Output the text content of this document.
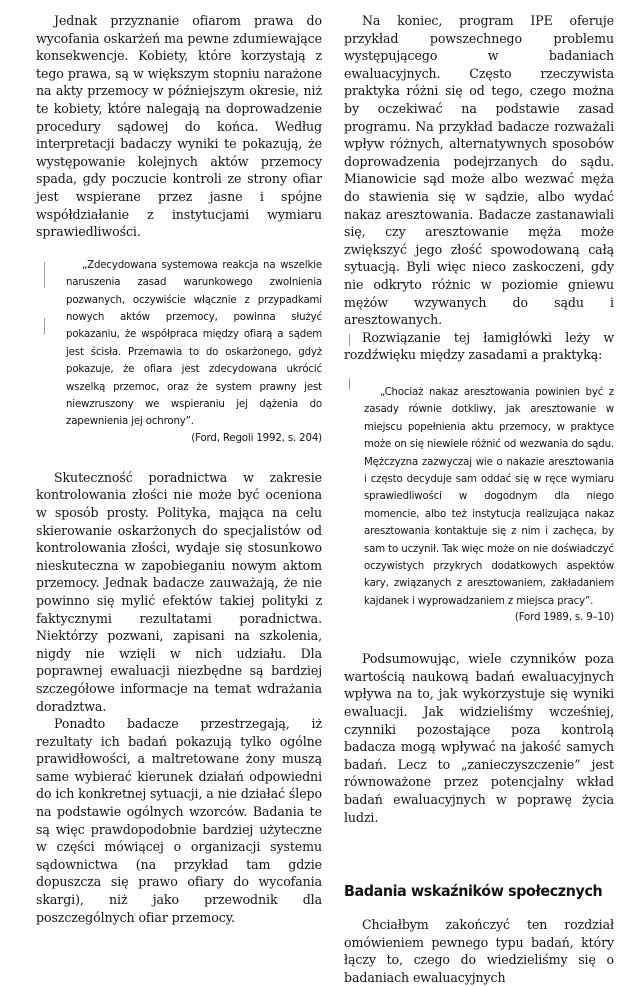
Jednak przyznanie ofiarom prawa do wycofania oskarżeń ma pewne zdumiewające konsekwencje. Kobiety, które korzystają z tego prawa, są w większym stopniu narażone na akty przemocy w późniejszym okresie, niż te kobiety, które nalegają na doprowadzenie procedury sądowej do końca. Według interpretacji badaczy wyniki te pokazują, że występowanie kolejnych aktów przemocy spada, gdy poczucie kontroli ze strony ofiar jest wspierane przez jasne i spójne współdziałanie z instytucjami wymiaru sprawiedliwości.

„Zdecydowana systemowa reakcja na wszelkie naruszenia zasad warunkowego zwolnienia pozwanych, oczywiście włącznie z przypadkami nowych aktów przemocy, powinna służyć pokazaniu, że współpraca między ofiarą a sądem jest ścisła. Przemawia to do oskarżonego, gdyż pokazuje, że ofiara jest zdecydowana ukrócić wszelką przemoc, oraz że system prawny jest niewzruszony we wspieraniu jej dążenia do zapewnienia jej ochrony”.

(Ford, Regoli 1992, s. 204)

Skuteczność poradnictwa w zakresie kontrolowania złości nie może być oceniona w sposób prosty. Polityka, mająca na celu skierowanie oskarżonych do specjalistów od kontrolowania złości, wydaje się stosunkowo nieskuteczna w zapobieganiu nowym aktom przemocy. Jednak badacze zauważają, że nie powinno się mylić efektów takiej polityki z faktycznymi rezultatami poradnictwa. Niektórzy pozwani, zapisani na szkolenia, nigdy nie wzięli w nich udziału. Dla poprawnej ewaluacji niezbędne są bardziej szczegółowe informacje na temat wdrażania doradztwa.

Ponadto badacze przestrzegają, iż rezultaty ich badań pokazują tylko ogólne prawidłowości, a maltretowane żony muszą same wybierać kierunek działań odpowiedni do ich konkretnej sytuacji, a nie działać ślepo na podstawie ogólnych wzorców. Badania te są więc prawdopodobnie bardziej użyteczne w części mówiącej o organizacji systemu sądownictwa (na przykład tam gdzie dopuszcza się prawo ofiary do wycofania skargi), niż jako przewodnik dla poszczególnych ofiar przemocy.

Na koniec, program IPE oferuje przykład powszechnego problemu występującego w badaniach ewaluacyjnych. Często rzeczywista praktyka różni się od tego, czego można by oczekiwać na podstawie zasad programu. Na przykład badacze rozważali wpływ różnych, alternatywnych sposobów doprowadzenia podejrzanych do sądu. Mianowicie sąd może albo wezwać męża do stawienia się w sądzie, albo wydać nakaz aresztowania. Badacze zastanawiali się, czy aresztowanie męża może zwiększyć jego złość spowodowaną całą sytuacją. Byli więc nieco zaskoczeni, gdy nie odkryto różnic w poziomie gniewu mężów wzywanych do sądu i aresztowanych.

Rozwiązanie tej łamigłówki leży w rozdźwięku między zasadami a praktyką:

„Chociaż nakaz aresztowania powinien być z zasady równie dotkliwy, jak aresztowanie w miejscu popełnienia aktu przemocy, w praktyce może on się niewiele różnić od wezwania do sądu. Mężczyzna zazwyczaj wie o nakazie aresztowania i często decyduje sam oddać się w ręce wymiaru sprawiedliwości w dogodnym dla niego momencie, albo też instytucja realizująca nakaz aresztowania kontaktuje się z nim i zachęca, by sam to uczynił. Tak więc może on nie doświadczyć oczywistych przykrych dodatkowych aspektów kary, związanych z aresztowaniem, zakładaniem kajdanek i wyprowadzaniem z miejsca pracy”.

(Ford 1989, s. 9–10)

Podsumowując, wiele czynników poza wartością naukową badań ewaluacyjnych wpływa na to, jak wykorzystuje się wyniki ewaluacji. Jak widzieliśmy wcześniej, czynniki pozostające poza kontrolą badacza mogą wpływać na jakość samych badań. Lecz to „zanieczyszczenie” jest równoważone przez potencjalny wkład badań ewaluacyjnych w poprawę życia ludzi.

Badania wskaźników społecznych

Chciałbym zakończyć ten rozdział omówieniem pewnego typu badań, który łączy to, czego do wiedzieliśmy się o badaniach ewaluacyjnych
